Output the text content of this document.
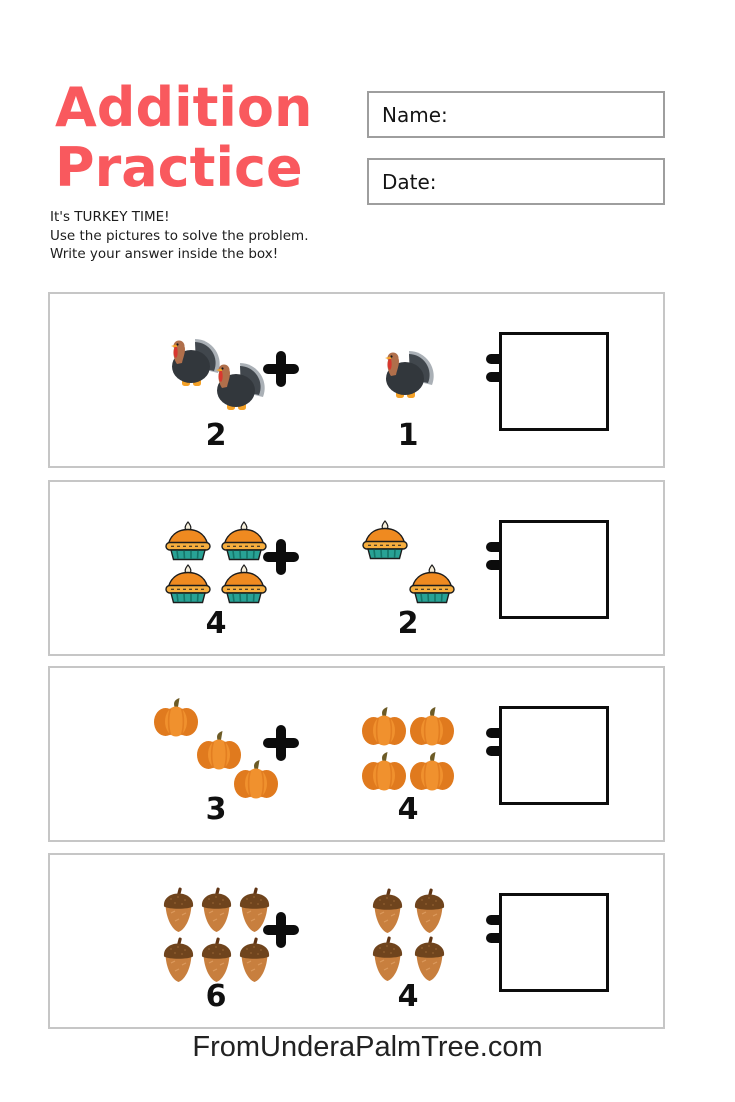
Addition
Practice
Name:
Date:
It's TURKEY TIME!
Use the pictures to solve the problem.
Write your answer inside the box!
2	1
4	2
3	4
6	4
FromUnderaPalmTree.com
